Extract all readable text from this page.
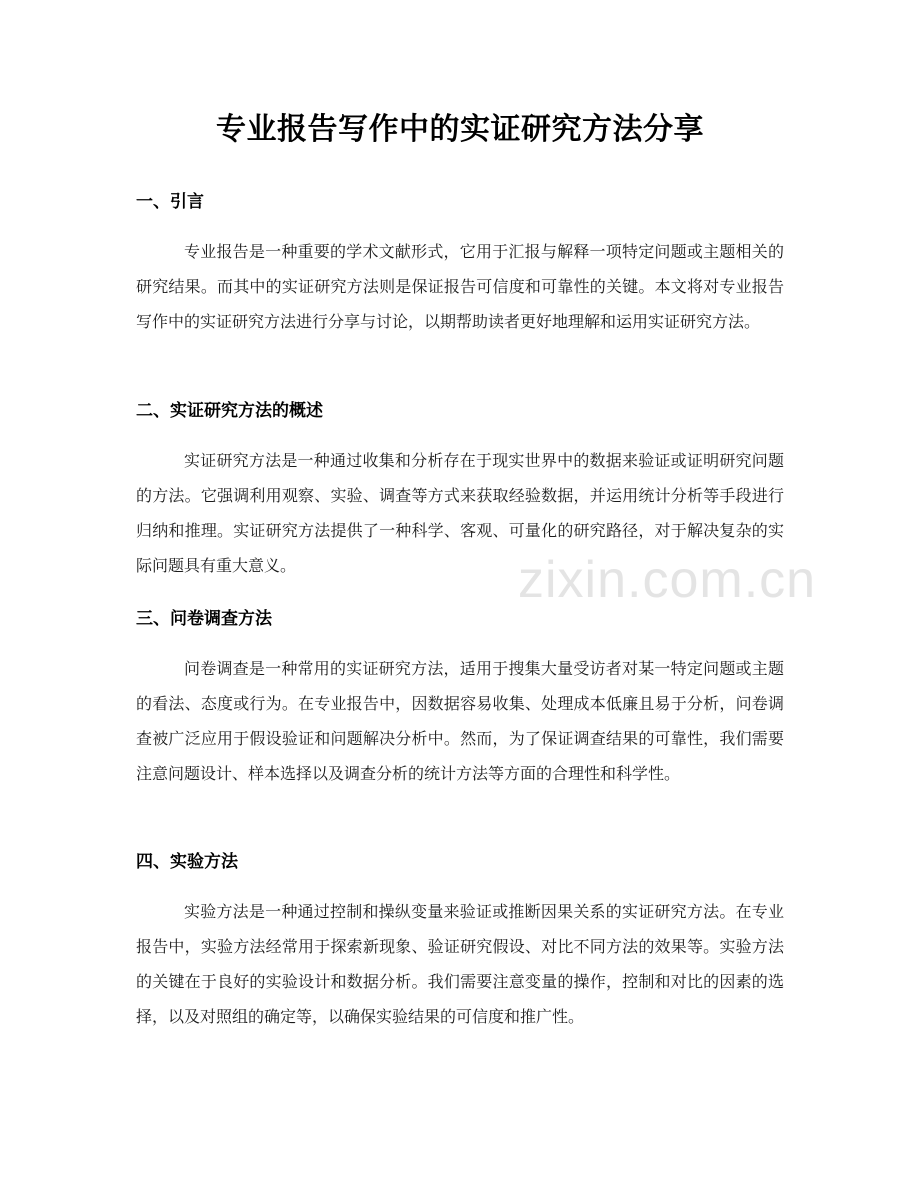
zixin.com.cn
专业报告写作中的实证研究方法分享
一、引言
专业报告是一种重要的学术文献形式，它用于汇报与解释一项特定问题或主题相关的研究结果。而其中的实证研究方法则是保证报告可信度和可靠性的关键。本文将对专业报告写作中的实证研究方法进行分享与讨论，以期帮助读者更好地理解和运用实证研究方法。
二、实证研究方法的概述
实证研究方法是一种通过收集和分析存在于现实世界中的数据来验证或证明研究问题的方法。它强调利用观察、实验、调查等方式来获取经验数据，并运用统计分析等手段进行归纳和推理。实证研究方法提供了一种科学、客观、可量化的研究路径，对于解决复杂的实际问题具有重大意义。
三、问卷调查方法
问卷调查是一种常用的实证研究方法，适用于搜集大量受访者对某一特定问题或主题的看法、态度或行为。在专业报告中，因数据容易收集、处理成本低廉且易于分析，问卷调查被广泛应用于假设验证和问题解决分析中。然而，为了保证调查结果的可靠性，我们需要注意问题设计、样本选择以及调查分析的统计方法等方面的合理性和科学性。
四、实验方法
实验方法是一种通过控制和操纵变量来验证或推断因果关系的实证研究方法。在专业报告中，实验方法经常用于探索新现象、验证研究假设、对比不同方法的效果等。实验方法的关键在于良好的实验设计和数据分析。我们需要注意变量的操作，控制和对比的因素的选择，以及对照组的确定等，以确保实验结果的可信度和推广性。
